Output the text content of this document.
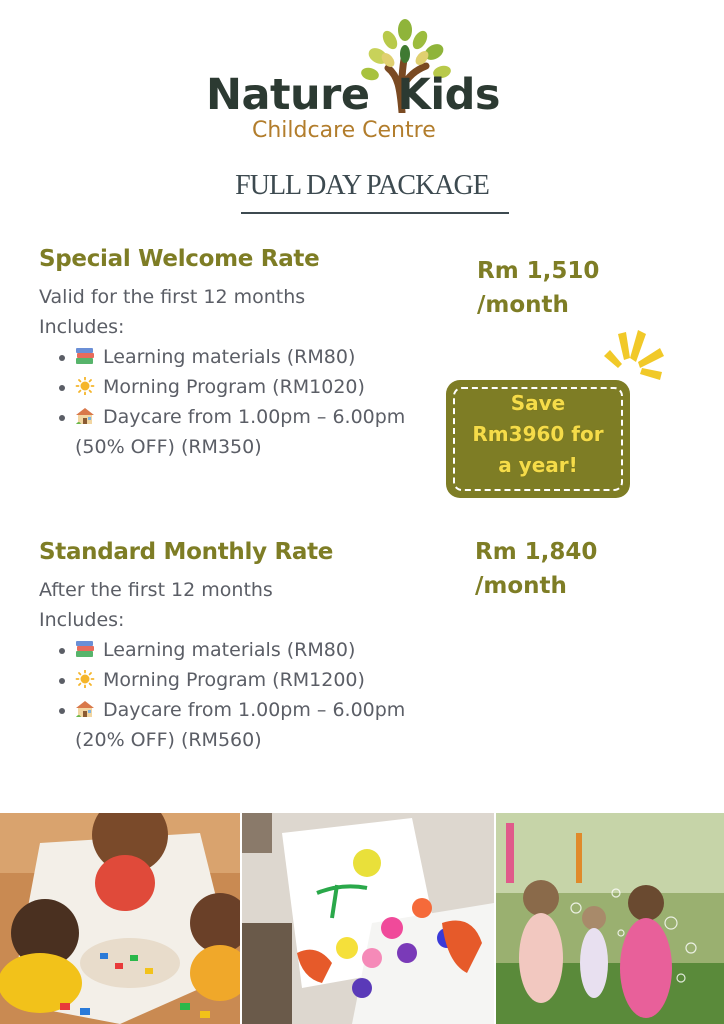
Nature Kids
Childcare Centre
FULL DAY PACKAGE
Special Welcome Rate
Valid for the first 12 months
Includes:
Learning materials (RM80)
Morning Program (RM1020)
Daycare from 1.00pm – 6.00pm (50% OFF) (RM350)
Rm 1,510
/month
Save
Rm3960 for
a year!
Standard Monthly Rate
After the first 12 months
Includes:
Learning materials (RM80)
Morning Program (RM1200)
Daycare from 1.00pm – 6.00pm (20% OFF) (RM560)
Rm 1,840
/month
